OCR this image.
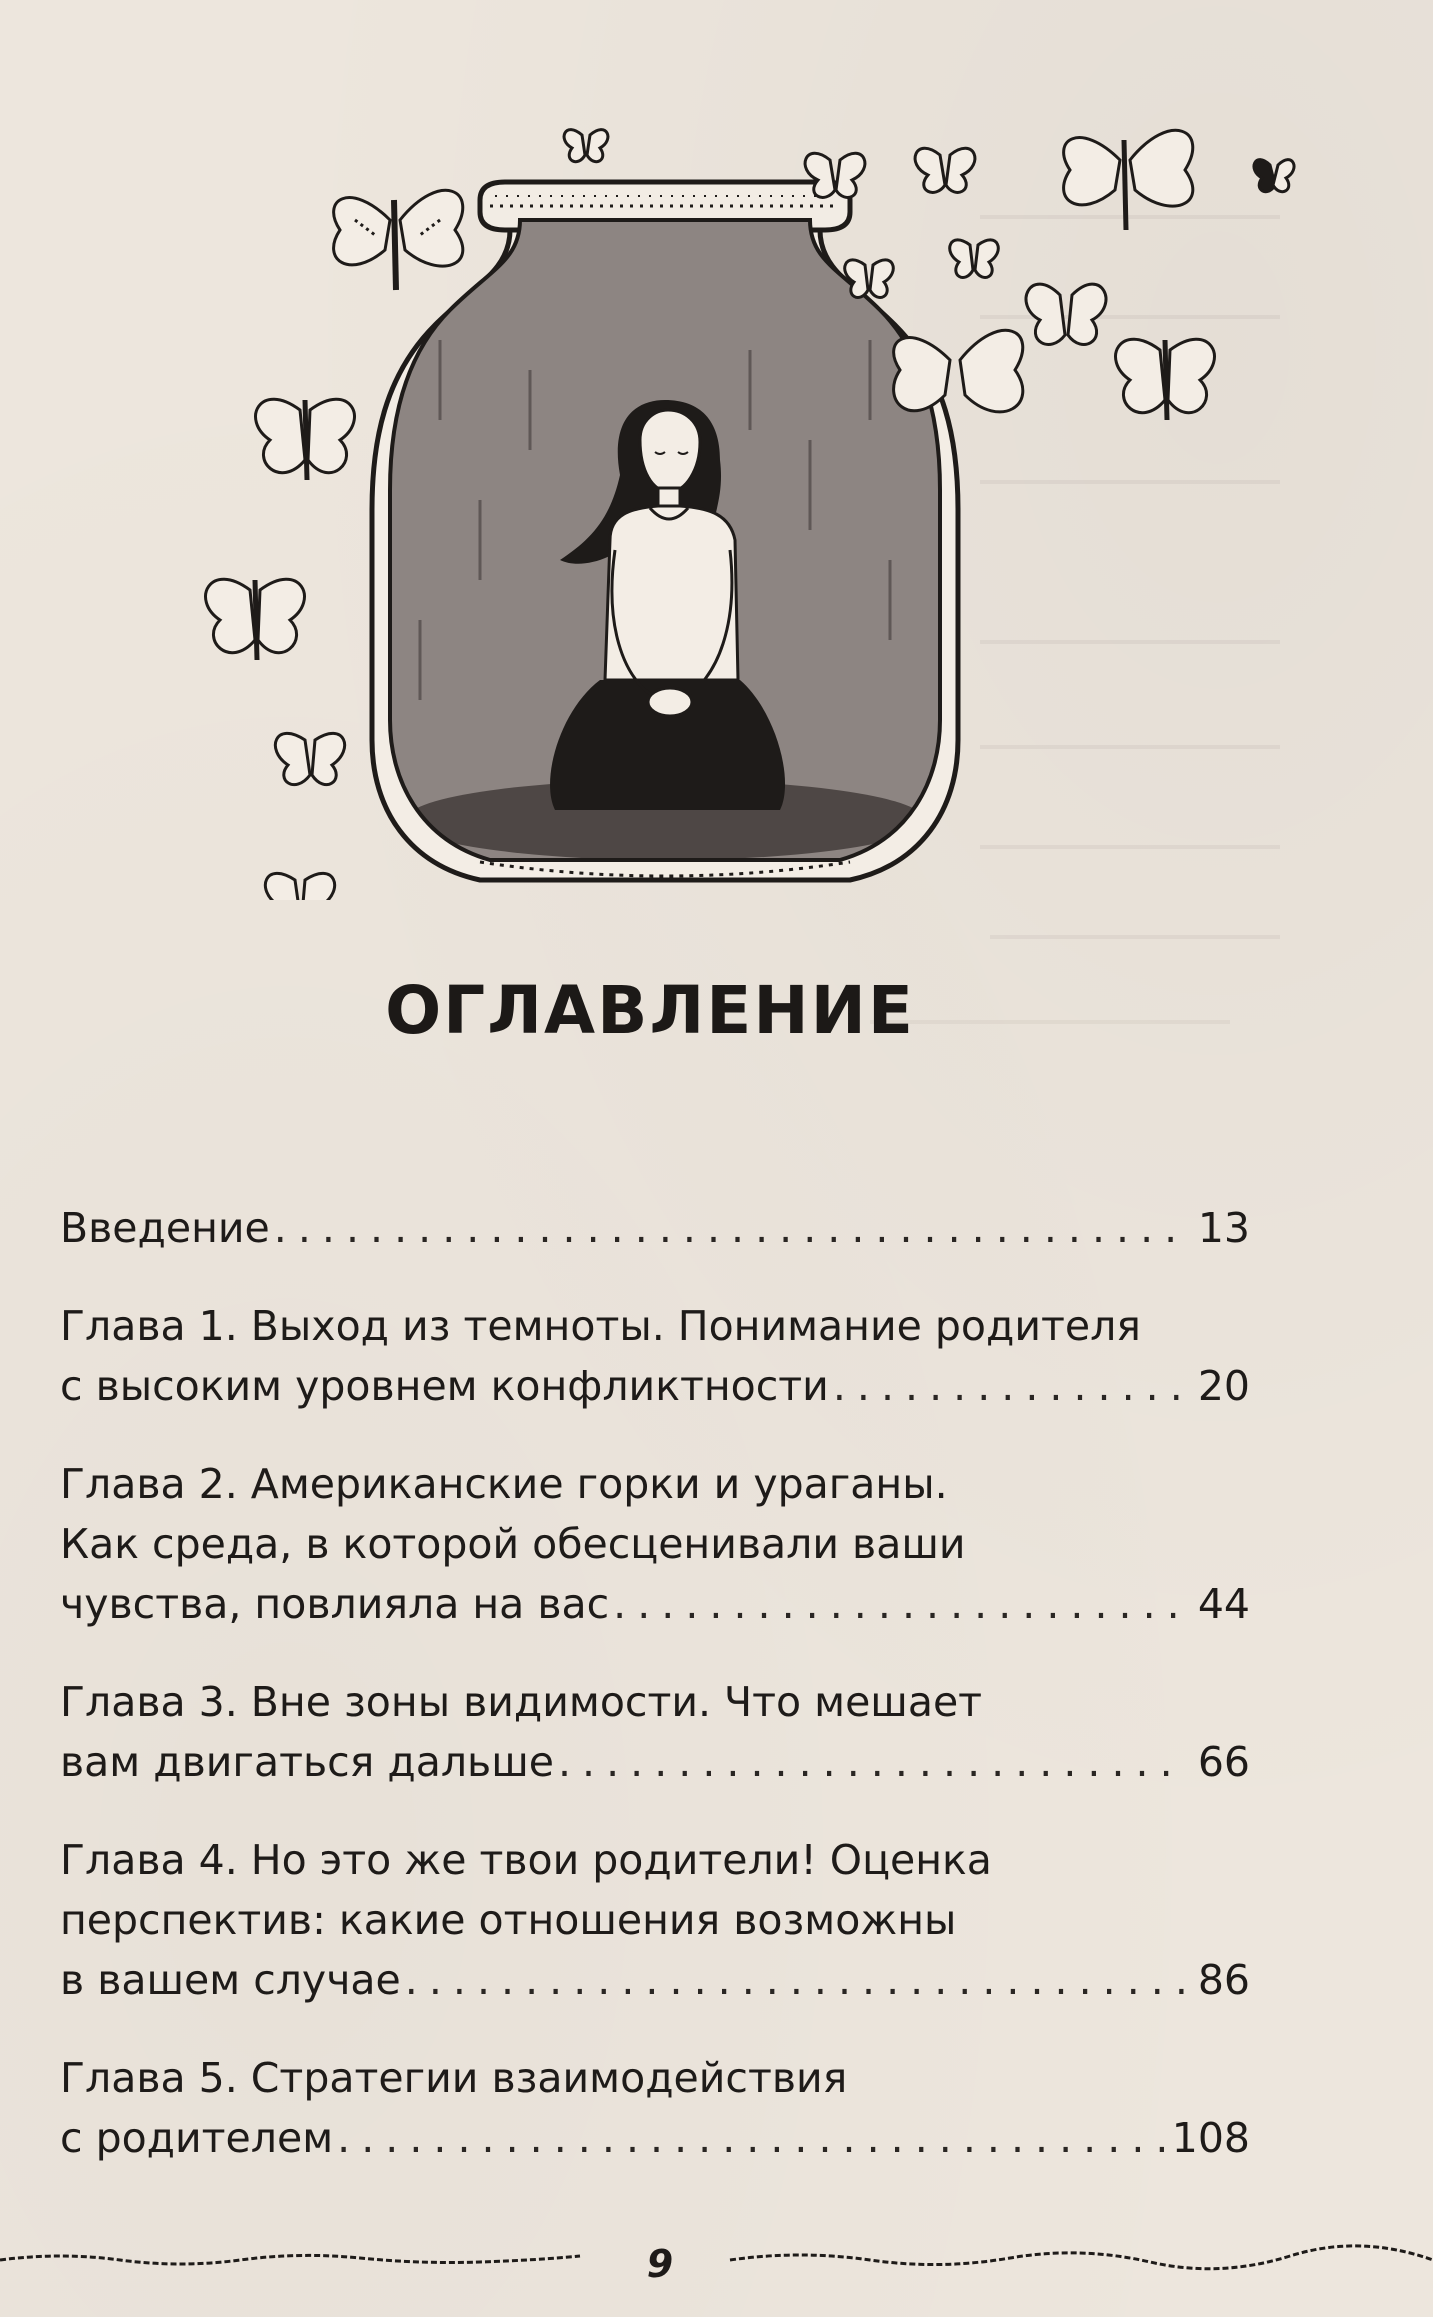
ОГЛАВЛЕНИЕ
Введение . . .	13
Глава 1. Выход из темноты. Понимание родителя
с высоким уровнем конфликтности . . .	20
Глава 2. Американские горки и ураганы.
Как среда, в которой обесценивали ваши
чувства, повлияла на вас . . .	44
Глава 3. Вне зоны видимости. Что мешает
вам двигаться дальше . . .	66
Глава 4. Но это же твои родители! Оценка
перспектив: какие отношения возможны
в вашем случае . . .	86
Глава 5. Стратегии взаимодействия
с родителем . . .	108
9
